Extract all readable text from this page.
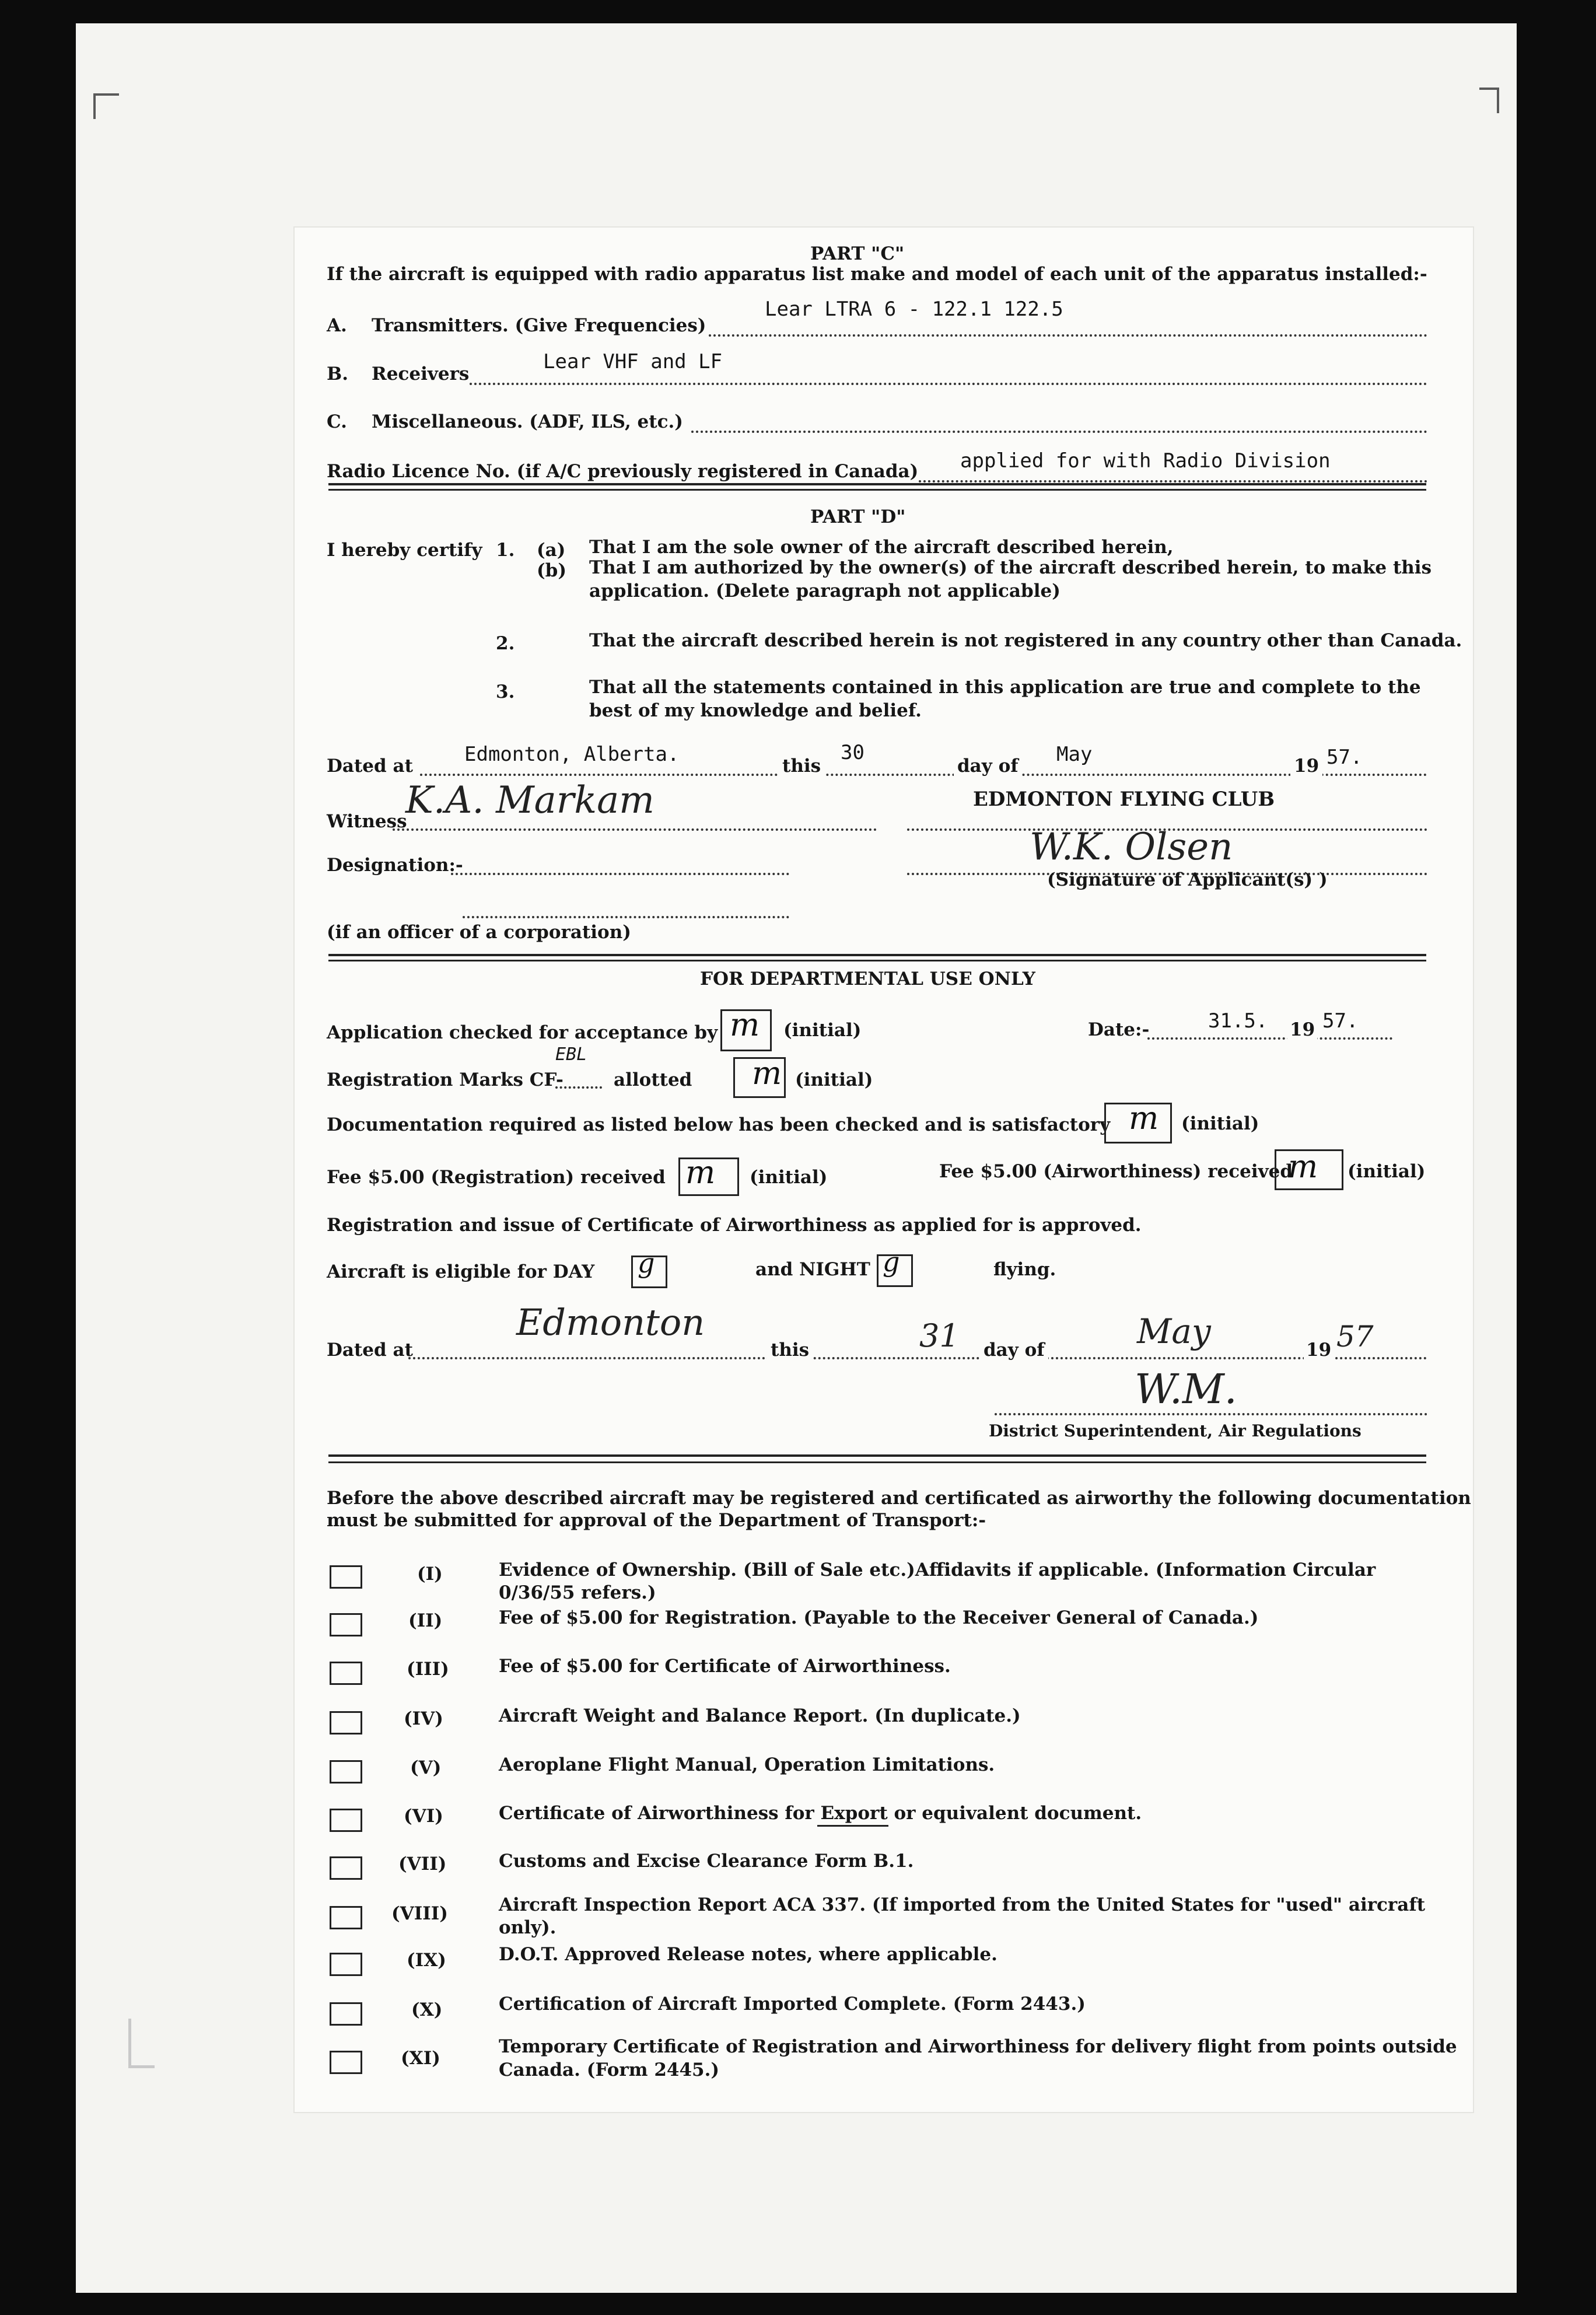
PART "C"
If the aircraft is equipped with radio apparatus list make and model of each unit of the apparatus installed:-
A. Transmitters. (Give Frequencies)
Lear LTRA 6 - 122.1 122.5
B. Receivers
Lear VHF and LF
C. Miscellaneous. (ADF, ILS, etc.)
Radio Licence No. (if A/C previously registered in Canada) applied for with Radio Division
PART "D"
I hereby certify 1. (a) That I am the sole owner of the aircraft described herein,
(b) That I am authorized by the owner(s) of the aircraft described herein, to make this
application. (Delete paragraph not applicable)
2.	That the aircraft described herein is not registered in any country other than Canada.
3.	That all the statements contained in this application are true and complete to the
best of my knowledge and belief.
Dated at	Edmonton, Alberta.	this
30
day of May	19 57.
Witness
K.A. Markam	EDMONTON FLYING CLUB
Designation:-	W.K. Olsen
(Signature of Applicant(s) )
(if an officer of a corporation)
FOR DEPARTMENTAL USE ONLY
Application checked for acceptance by m (initial)	Date:-	31.5. 19 57.
Registration Marks CF-
EBL
allotted m (initial)
Documentation required as listed below has been checked and is satisfactory m (initial)
Fee $5.00 (Registration) received m (initial)	Fee $5.00 (Airworthiness) received
m (initial)
Registration and issue of Certificate of Airworthiness as applied for is approved.
Aircraft is eligible for DAY g	and NIGHT g	flying.
Dated at
Edmonton
this	31 day of	May	19 57
W.M.
District Superintendent, Air Regulations
Before the above described aircraft may be registered and certificated as airworthy the following documentation
must be submitted for approval of the Department of Transport:-
(I)	Evidence of Ownership. (Bill of Sale etc.)Affidavits if applicable. (Information Circular
0/36/55 refers.)
(II)	Fee of $5.00 for Registration. (Payable to the Receiver General of Canada.)
(III)	Fee of $5.00 for Certificate of Airworthiness.
(IV)	Aircraft Weight and Balance Report. (In duplicate.)
(V)	Aeroplane Flight Manual, Operation Limitations.
(VI)	Certificate of Airworthiness for Export or equivalent document.
(VII)	Customs and Excise Clearance Form B.1.
(VIII)	Aircraft Inspection Report ACA 337. (If imported from the United States for "used" aircraft
only).
(IX)	D.O.T. Approved Release notes, where applicable.
(X)	Certification of Aircraft Imported Complete. (Form 2443.)
(XI)
Temporary Certificate of Registration and Airworthiness for delivery flight from points outside
Canada. (Form 2445.)
